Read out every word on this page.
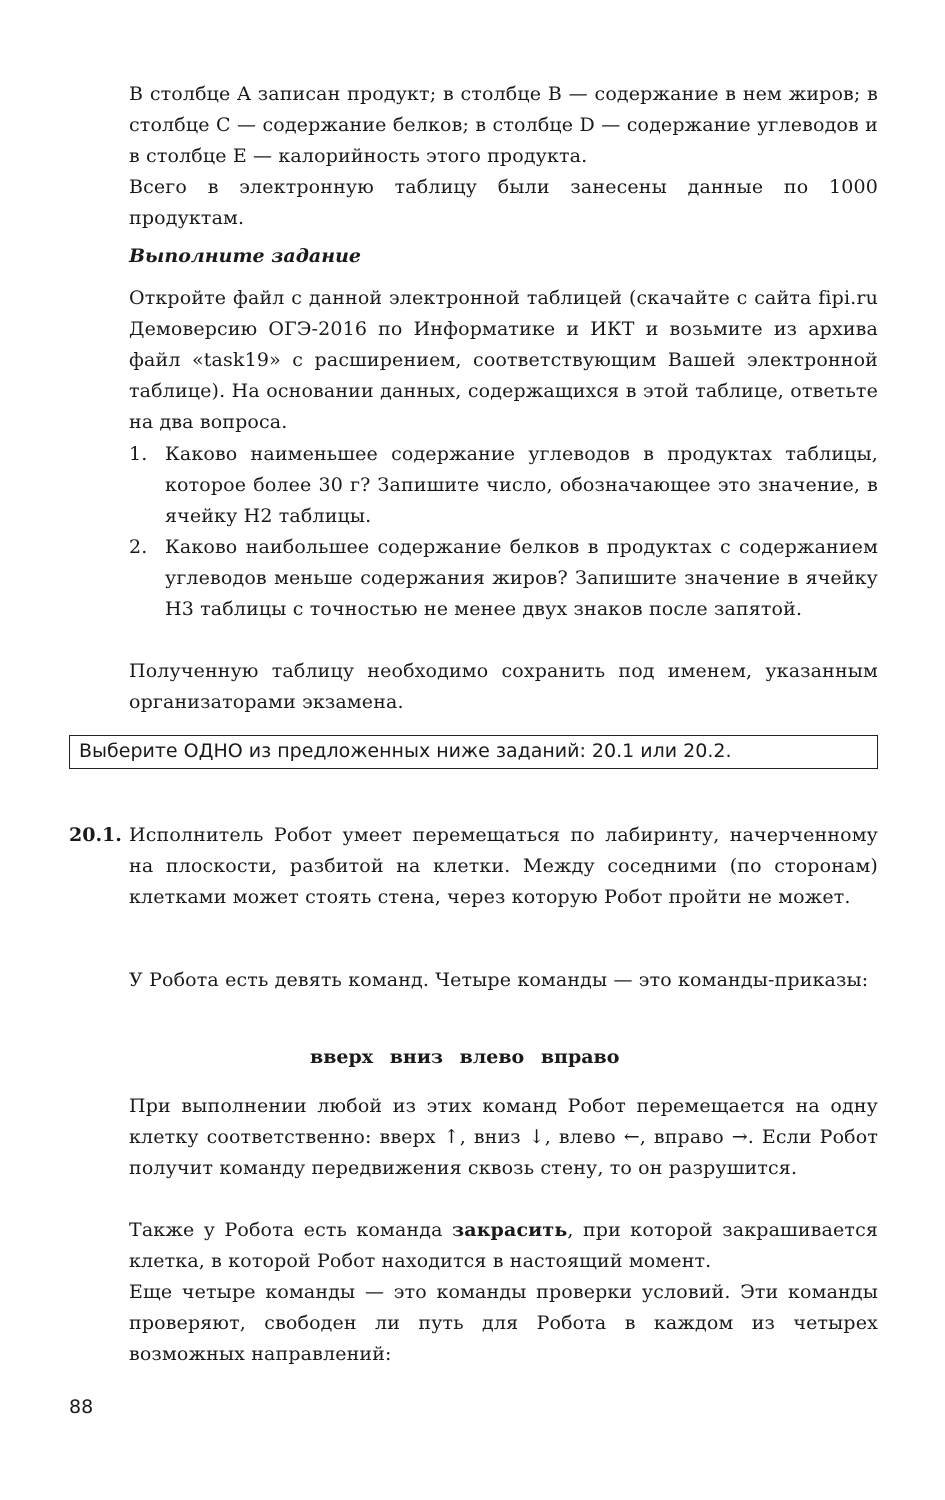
В столбце A записан продукт; в столбце B — содержание в нем жиров; в столбце C — содержание белков; в столбце D — содержание углеводов и в столбце E — калорийность этого продукта.
Всего в электронную таблицу были занесены данные по 1000 продуктам.
Выполните задание
Откройте файл с данной электронной таблицей (скачайте с сайта fipi.ru Демоверсию ОГЭ-2016 по Информатике и ИКТ и возьмите из архива файл «task19» с расширением, соответствующим Вашей электронной таблице). На основании данных, содержащихся в этой таблице, ответьте на два вопроса.
1. Каково наименьшее содержание углеводов в продуктах таблицы, которое более 30 г? Запишите число, обозначающее это значение, в ячейку H2 таблицы.
2. Каково наибольшее содержание белков в продуктах с содержанием углеводов меньше содержания жиров? Запишите значение в ячейку H3 таблицы с точностью не менее двух знаков после запятой.
Полученную таблицу необходимо сохранить под именем, указанным организаторами экзамена.
Выберите ОДНО из предложенных ниже заданий: 20.1 или 20.2.
20.1. Исполнитель Робот умеет перемещаться по лабиринту, начерченному на плоскости, разбитой на клетки. Между соседними (по сторонам) клетками может стоять стена, через которую Робот пройти не может.
У Робота есть девять команд. Четыре команды — это команды-приказы:
вверх вниз влево вправо
При выполнении любой из этих команд Робот перемещается на одну клетку соответственно: вверх ↑, вниз ↓, влево ←, вправо →. Если Робот получит команду передвижения сквозь стену, то он разрушится.
Также у Робота есть команда закрасить, при которой закрашивается клетка, в которой Робот находится в настоящий момент.
Еще четыре команды — это команды проверки условий. Эти команды проверяют, свободен ли путь для Робота в каждом из четырех возможных направлений:
88
